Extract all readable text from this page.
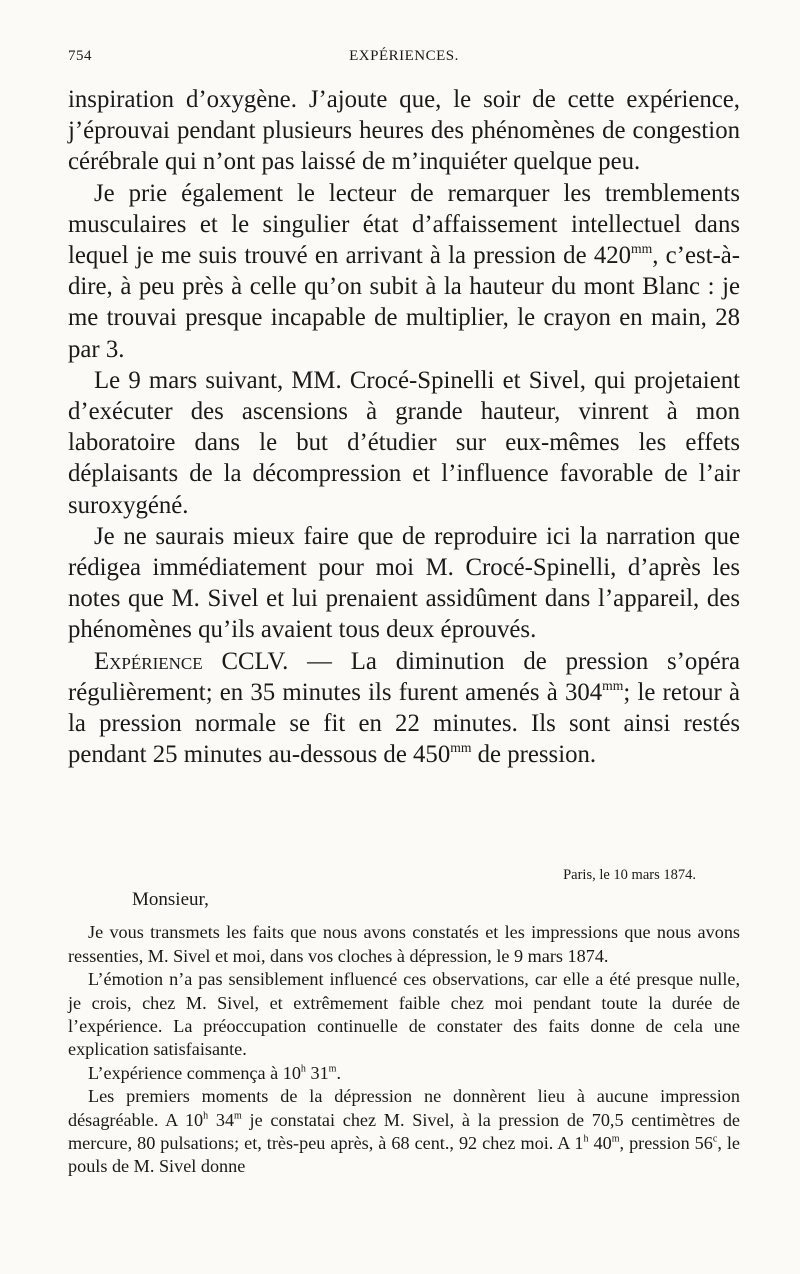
754	EXPÉRIENCES.

inspiration d’oxygène. J’ajoute que, le soir de cette expérience, j’éprouvai pendant plusieurs heures des phénomènes de congestion cérébrale qui n’ont pas laissé de m’inquiéter quelque peu.

Je prie également le lecteur de remarquer les tremblements musculaires et le singulier état d’affaissement intellectuel dans lequel je me suis trouvé en arrivant à la pression de $420^{mm}$, c’est-à-dire, à peu près à celle qu’on subit à la hauteur du mont Blanc : je me trouvai presque incapable de multiplier, le crayon en main, 28 par 3.

Le 9 mars suivant, MM. Crocé-Spinelli et Sivel, qui projetaient d’exécuter des ascensions à grande hauteur, vinrent à mon laboratoire dans le but d’étudier sur eux-mêmes les effets déplaisants de la décompression et l’influence favorable de l’air suroxygéné.

Je ne saurais mieux faire que de reproduire ici la narration que rédigea immédiatement pour moi M. Crocé-Spinelli, d’après les notes que M. Sivel et lui prenaient assidûment dans l’appareil, des phénomènes qu’ils avaient tous deux éprouvés.

Expérience CCLV. — La diminution de pression s’opéra régulièrement; en 35 minutes ils furent amenés à $304^{mm}$; le retour à la pression normale se fit en 22 minutes. Ils sont ainsi restés pendant 25 minutes au-dessous de $450^{mm}$ de pression.

Paris, le 10 mars 1874.
Monsieur,

Je vous transmets les faits que nous avons constatés et les impressions que nous avons ressenties, M. Sivel et moi, dans vos cloches à dépression, le 9 mars 1874.

L’émotion n’a pas sensiblement influencé ces observations, car elle a été presque nulle, je crois, chez M. Sivel, et extrêmement faible chez moi pendant toute la durée de l’expérience. La préoccupation continuelle de constater des faits donne de cela une explication satisfaisante.

L’expérience commença à 10$^h$ 31$^m$.

Les premiers moments de la dépression ne donnèrent lieu à aucune impression désagréable. A 10$^h$ 34$^m$ je constatai chez M. Sivel, à la pression de 70,5 centimètres de mercure, 80 pulsations; et, très-peu après, à 68 cent., 92 chez moi. A 1$^h$ 40$^m$, pression 56$^c$, le pouls de M. Sivel donne
